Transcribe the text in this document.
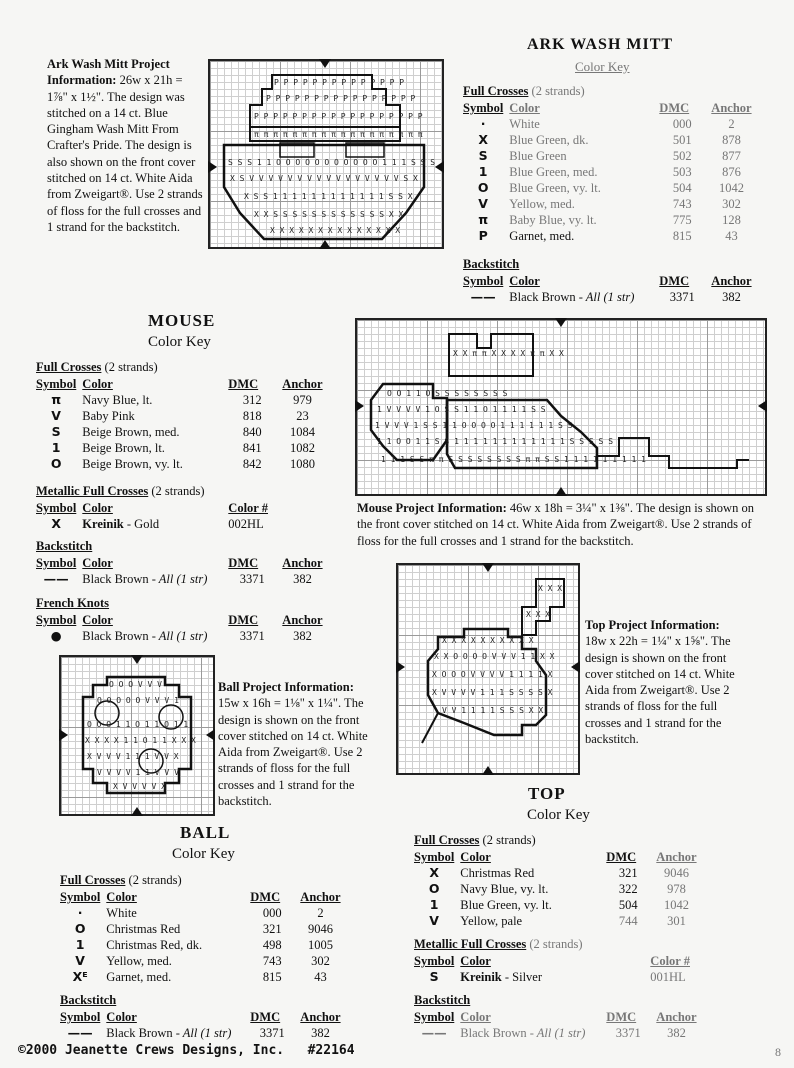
Ark Wash Mitt Project Information: 26w x 21h = 1⅞" x 1½". The design was stitched on a 14 ct. Blue Gingham Wash Mitt From Crafter's Pride. The design is also shown on the front cover stitched on 14 ct. White Aida from Zweigart®. Use 2 strands of floss for the full crosses and 1 strand for the backstitch.
P P P P P P P P P P P P P P
P P P P P P P P P P P P P P P P
P P P P P P P P P P P P P P P P P P
π π π π π π π π π π π π π π π π π π
S S S 1 1 O O O O O O O O O O O 1 1 1 S S S
X S V V V V V V V V V V V V V V V V S X
X S S 1 1 1 1 1 1 1 1 1 1 1 1 S S X
X X S S S S S S S S S S S S X X
X X X X X X X X X X X X X X
ARK WASH MITT
Color Key
Full Crosses (2 strands)
Symbol	Color	DMC	Anchor
·	White	000	2
X	Blue Green, dk.	501	878
S	Blue Green	502	877
1	Blue Green, med.	503	876
O	Blue Green, vy. lt.	504	1042
V	Yellow, med.	743	302
π	Baby Blue, vy. lt.	775	128
P	Garnet, med.	815	43
Backstitch
Symbol	Color	DMC	Anchor
——	Black Brown - All (1 str)	3371	382
MOUSE
Color Key
Full Crosses (2 strands)
Symbol	Color	DMC	Anchor
π	Navy Blue, lt.	312	979
V	Baby Pink	818	23
S	Beige Brown, med.	840	1084
1	Beige Brown, lt.	841	1082
O	Beige Brown, vy. lt.	842	1080
Metallic Full Crosses (2 strands)
Symbol	Color	Color #
X	Kreinik - Gold	002HL
Backstitch
Symbol	Color	DMC	Anchor
——	Black Brown - All (1 str)	3371	382
French Knots
Symbol	Color	DMC	Anchor
●	Black Brown - All (1 str)	3371	382
X X π π X X X X π π X X
O O 1 1 O S S S S S S S S
1 V V V V 1 O S S 1 1 O 1 1 1 1 S S
1 V V V 1 S S 1 1 O O O O 1 1 1 1 1 1 S S
1 1 O O 1 1 S S 1 1 1 1 1 1 1 1 1 1 1 1 S S S S S
1 1 1 S S π π S S S S S S S S π π S S 1 1 1 1 1 1 1 1 1
Mouse Project Information: 46w x 18h = 3¼" x 1⅜". The design is shown on the front cover stitched on 14 ct. White Aida from Zweigart®. Use 2 strands of floss for the full crosses and 1 strand for the backstitch.
O O O V V V
O O O O O V V V 1
O O O 1 1 O 1 1 O 1 1
X X X X 1 1 O 1 1 X X X
X V V V 1 1 1 V V X
V V V V 1 1 V V V
X V V V V X
Ball Project Information: 15w x 16h = 1⅛" x 1¼". The design is shown on the front cover stitched on 14 ct. White Aida from Zweigart®. Use 2 strands of floss for the full crosses and 1 strand for the backstitch.
BALL
Color Key
Full Crosses (2 strands)
Symbol	Color	DMC	Anchor
·	White	000	2
O	Christmas Red	321	9046
1	Christmas Red, dk.	498	1005
V	Yellow, med.	743	302
Xᴱ	Garnet, med.	815	43
Backstitch
Symbol	Color	DMC	Anchor
——	Black Brown - All (1 str)	3371	382
X X X
X X X
X X X X X X X X X X
X X O O O O V V V 1 1 X X
X O O O V V V V 1 1 1 1 X
X V V V V 1 1 1 S S S S X
V V 1 1 1 1 S S S X X
Top Project Information: 18w x 22h = 1¼" x 1⅝". The design is shown on the front cover stitched on 14 ct. White Aida from Zweigart®. Use 2 strands of floss for the full crosses and 1 strand for the backstitch.
TOP
Color Key
Full Crosses (2 strands)
Symbol	Color	DMC	Anchor
X	Christmas Red	321	9046
O	Navy Blue, vy. lt.	322	978
1	Blue Green, vy. lt.	504	1042
V	Yellow, pale	744	301
Metallic Full Crosses (2 strands)
Symbol	Color	Color #
S	Kreinik - Silver	001HL
Backstitch
Symbol	Color	DMC	Anchor
——	Black Brown - All (1 str)	3371	382
©2000 Jeanette Crews Designs, Inc. #22164	8
